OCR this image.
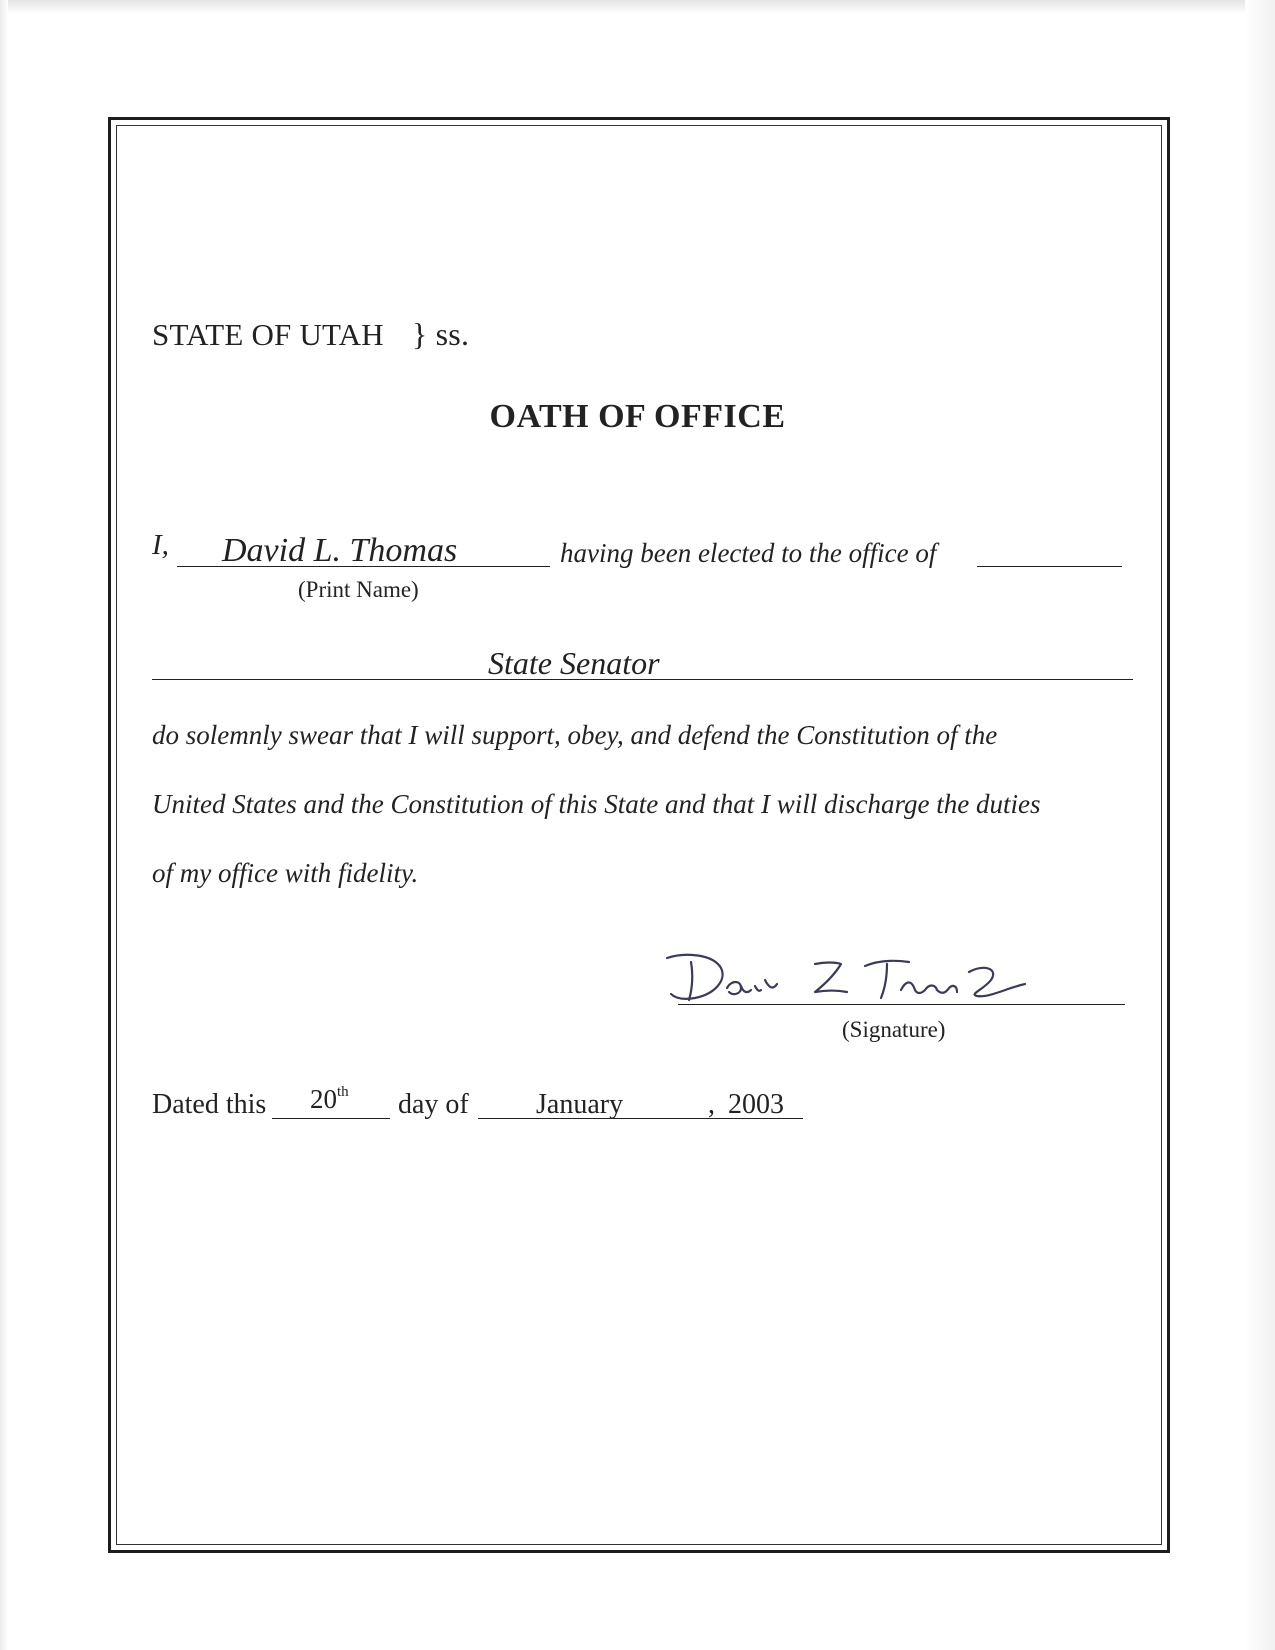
STATE OF UTAH } ss.
OATH OF OFFICE
I, David L. Thomas	having been elected to the office of
(Print Name)
State Senator
do solemnly swear that I will support, obey, and defend the Constitution of the
United States and the Constitution of this State and that I will discharge the duties
of my office with fidelity.
(Signature)
Dated this 20th day of January	, 2003
